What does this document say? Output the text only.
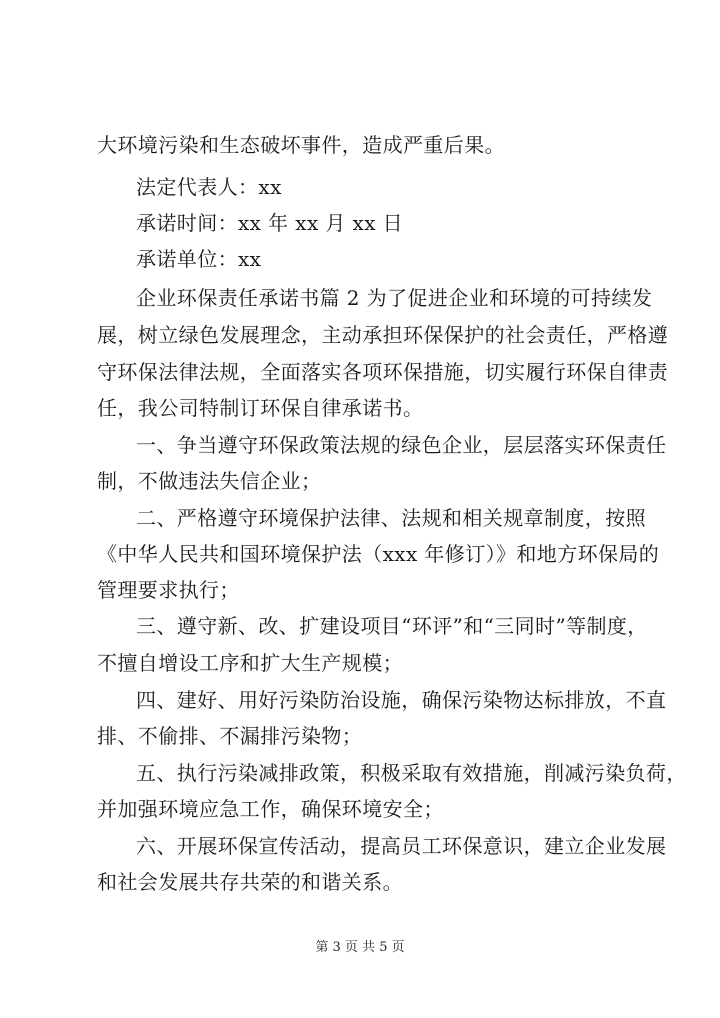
大环境污染和生态破坏事件，造成严重后果。
法定代表人：xx
承诺时间：xx 年 xx 月 xx 日
承诺单位：xx
企业环保责任承诺书篇 2 为了促进企业和环境的可持续发
展，树立绿色发展理念，主动承担环保保护的社会责任，严格遵
守环保法律法规，全面落实各项环保措施，切实履行环保自律责
任，我公司特制订环保自律承诺书。
一、争当遵守环保政策法规的绿色企业，层层落实环保责任
制，不做违法失信企业；
二、严格遵守环境保护法律、法规和相关规章制度，按照
《中华人民共和国环境保护法（xxx 年修订）》和地方环保局的
管理要求执行；
三、遵守新、改、扩建设项目“环评”和“三同时”等制度，
不擅自增设工序和扩大生产规模；
四、建好、用好污染防治设施，确保污染物达标排放，不直
排、不偷排、不漏排污染物；
五、执行污染减排政策，积极采取有效措施，削减污染负荷，
并加强环境应急工作，确保环境安全；
六、开展环保宣传活动，提高员工环保意识，建立企业发展
和社会发展共存共荣的和谐关系。
第 3 页 共 5 页
